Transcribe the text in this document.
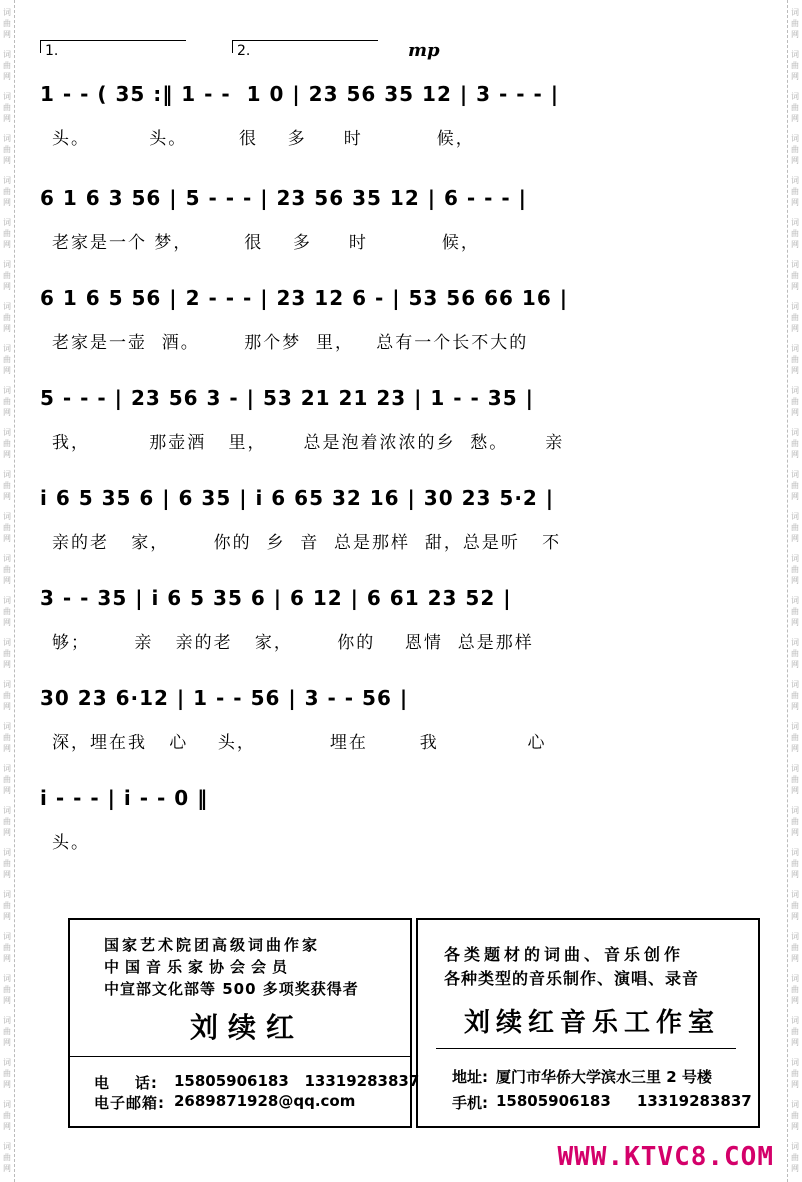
词
曲
网
词
曲
网
词
曲
网
词
曲
网
词
曲
网
词
曲
网
词
曲
网
词
曲
网
词
曲
网
词
曲
网
词
曲
网
词
曲
网
词
曲
网
词
曲
网
词
曲
网
词
曲
网
词
曲
网
词
曲
网
词
曲
网
词
曲
网
词
曲
网
词
曲
网
词
曲
网
词
曲
网
词
曲
网
词
曲
网
词
曲
网
词
曲
网
词
曲
网
词
曲
网
词
曲
网
词
曲
网
词
曲
网
词
曲
网
词
曲
网
词
曲
网
词
曲
网
词
曲
网
词
曲
网
词
曲
网
词
曲
网
词
曲
网
词
曲
网
词
曲
网
词
曲
网
词
曲
网
词
曲
网
词
曲
网
词
曲
网
词
曲
网
词
曲
网
词
曲
网
词
曲
网
词
曲
网
词
曲
网
词
曲
网
1.	2.	mp
1 - - ( 35 :‖ 1 - -  1 0 | 23 56 35 12 | 3 - - - |
头。        头。       很    多     时          候，
6 1 6 3 56 | 5 - - - | 23 56 35 12 | 6 - - - |
老家是一个 梦，       很    多     时          候，
6 1 6 5 56 | 2 - - - | 23 12 6 - | 53 56 66 16 |
老家是一壶  酒。      那个梦  里，   总有一个长不大的
5 - - - | 23 56 3 - | 53 21 21 23 | 1 - - 35 |
我，        那壶酒   里，     总是泡着浓浓的乡  愁。     亲
i 6 5 35 6 | 6 35 | i 6 65 32 16 | 30 23 5·2 |
亲的老   家，      你的  乡  音  总是那样  甜，总是听   不
3 - - 35 | i 6 5 35 6 | 6 12 | 6 61 23 52 |
够；      亲   亲的老   家，      你的    恩情  总是那样
30 23 6·12 | 1 - - 56 | 3 - - 56 |
深，埋在我   心    头，          埋在       我            心
i - - - | i - - 0 ‖
头。
国家艺术院团高级词曲作家
中国音乐家协会会员
中宣部文化部等 500 多项奖获得者
刘续红
电    话: 15805906183   13319283837
电子邮箱: 2689871928@qq.com
各类题材的词曲、音乐创作
各种类型的音乐制作、演唱、录音
刘续红音乐工作室
地址: 厦门市华侨大学滨水三里 2 号楼
手机: 15805906183     13319283837
WWW.KTVC8.COM
